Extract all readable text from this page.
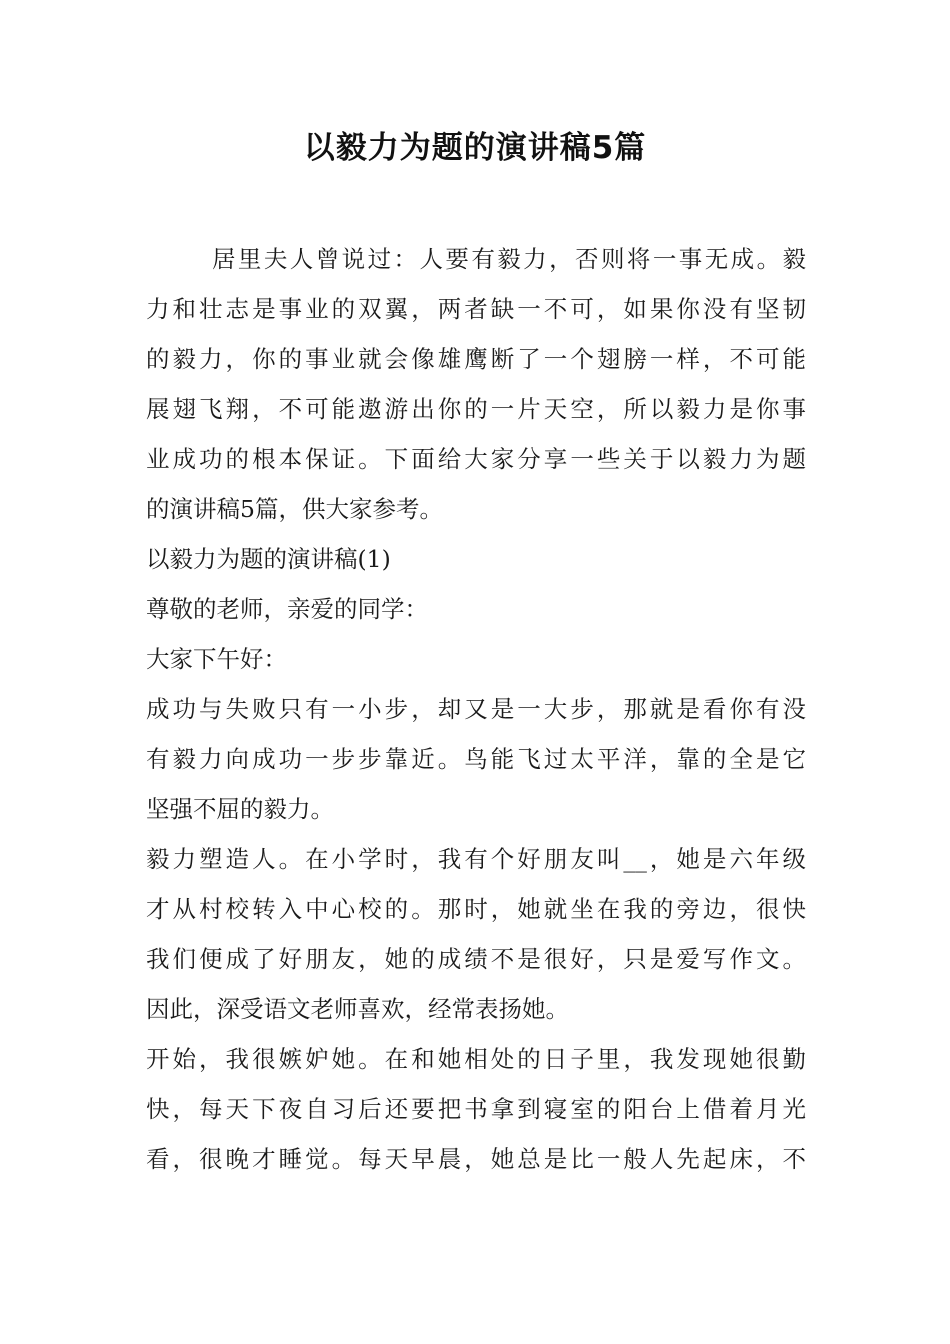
以毅力为题的演讲稿5篇
居里夫人曾说过：人要有毅力，否则将一事无成。毅
力和壮志是事业的双翼，两者缺一不可，如果你没有坚韧
的毅力，你的事业就会像雄鹰断了一个翅膀一样，不可能
展翅飞翔，不可能遨游出你的一片天空，所以毅力是你事
业成功的根本保证。下面给大家分享一些关于以毅力为题
的演讲稿5篇，供大家参考。
以毅力为题的演讲稿(1)
尊敬的老师，亲爱的同学：
大家下午好：
成功与失败只有一小步，却又是一大步，那就是看你有没
有毅力向成功一步步靠近。鸟能飞过太平洋，靠的全是它
坚强不屈的毅力。
毅力塑造人。在小学时，我有个好朋友叫__，她是六年级
才从村校转入中心校的。那时，她就坐在我的旁边，很快
我们便成了好朋友，她的成绩不是很好，只是爱写作文。
因此，深受语文老师喜欢，经常表扬她。
开始，我很嫉妒她。在和她相处的日子里，我发现她很勤
快，每天下夜自习后还要把书拿到寝室的阳台上借着月光
看，很晚才睡觉。每天早晨，她总是比一般人先起床，不
